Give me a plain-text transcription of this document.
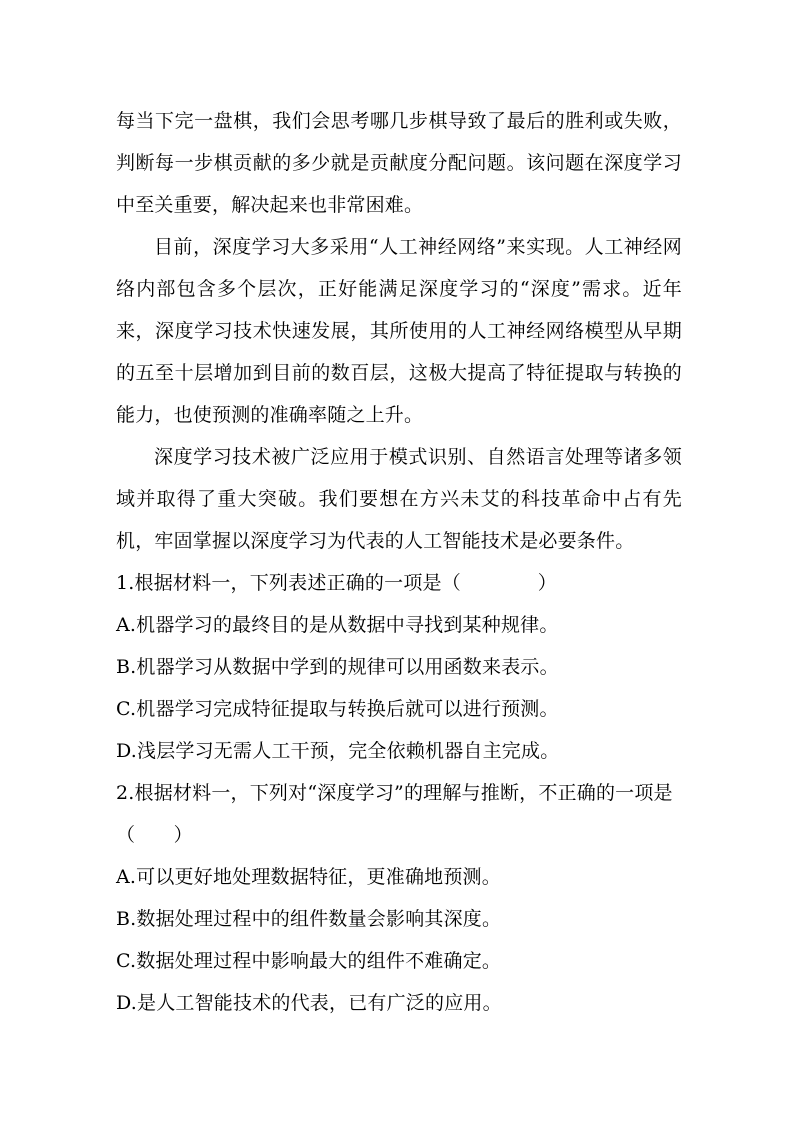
每当下完一盘棋，我们会思考哪几步棋导致了最后的胜利或失败，判断每一步棋贡献的多少就是贡献度分配问题。该问题在深度学习中至关重要，解决起来也非常困难。

目前，深度学习大多采用“人工神经网络”来实现。人工神经网络内部包含多个层次，正好能满足深度学习的“深度”需求。近年来，深度学习技术快速发展，其所使用的人工神经网络模型从早期的五至十层增加到目前的数百层，这极大提高了特征提取与转换的能力，也使预测的准确率随之上升。

深度学习技术被广泛应用于模式识别、自然语言处理等诸多领域并取得了重大突破。我们要想在方兴未艾的科技革命中占有先机，牢固掌握以深度学习为代表的人工智能技术是必要条件。

1.根据材料一，下列表述正确的一项是（　　　　）

A.机器学习的最终目的是从数据中寻找到某种规律。

B.机器学习从数据中学到的规律可以用函数来表示。

C.机器学习完成特征提取与转换后就可以进行预测。

D.浅层学习无需人工干预，完全依赖机器自主完成。

2.根据材料一，下列对“深度学习”的理解与推断，不正确的一项是

（　　）

A.可以更好地处理数据特征，更准确地预测。

B.数据处理过程中的组件数量会影响其深度。

C.数据处理过程中影响最大的组件不难确定。

D.是人工智能技术的代表，已有广泛的应用。
